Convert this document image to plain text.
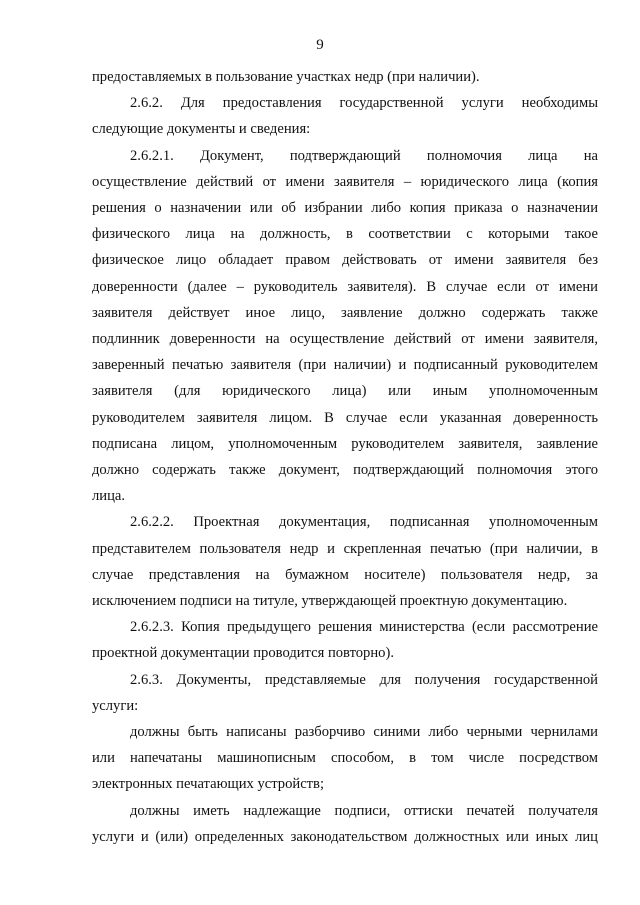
9
предоставляемых в пользование участках недр (при наличии).
2.6.2. Для предоставления государственной услуги необходимы
следующие документы и сведения:
2.6.2.1. Документ, подтверждающий полномочия лица на
осуществление действий от имени заявителя – юридического лица (копия
решения о назначении или об избрании либо копия приказа о назначении
физического лица на должность, в соответствии с которыми такое
физическое лицо обладает правом действовать от имени заявителя без
доверенности (далее – руководитель заявителя). В случае если от имени
заявителя действует иное лицо, заявление должно содержать также
подлинник доверенности на осуществление действий от имени заявителя,
заверенный печатью заявителя (при наличии) и подписанный руководителем
заявителя (для юридического лица) или иным уполномоченным
руководителем заявителя лицом. В случае если указанная доверенность
подписана лицом, уполномоченным руководителем заявителя, заявление
должно содержать также документ, подтверждающий полномочия этого
лица.
2.6.2.2. Проектная документация, подписанная уполномоченным
представителем пользователя недр и скрепленная печатью (при наличии, в
случае представления на бумажном носителе) пользователя недр, за
исключением подписи на титуле, утверждающей проектную документацию.
2.6.2.3. Копия предыдущего решения министерства (если рассмотрение
проектной документации проводится повторно).
2.6.3. Документы, представляемые для получения государственной
услуги:
должны быть написаны разборчиво синими либо черными чернилами
или напечатаны машинописным способом, в том числе посредством
электронных печатающих устройств;
должны иметь надлежащие подписи, оттиски печатей получателя
услуги и (или) определенных законодательством должностных или иных лиц
